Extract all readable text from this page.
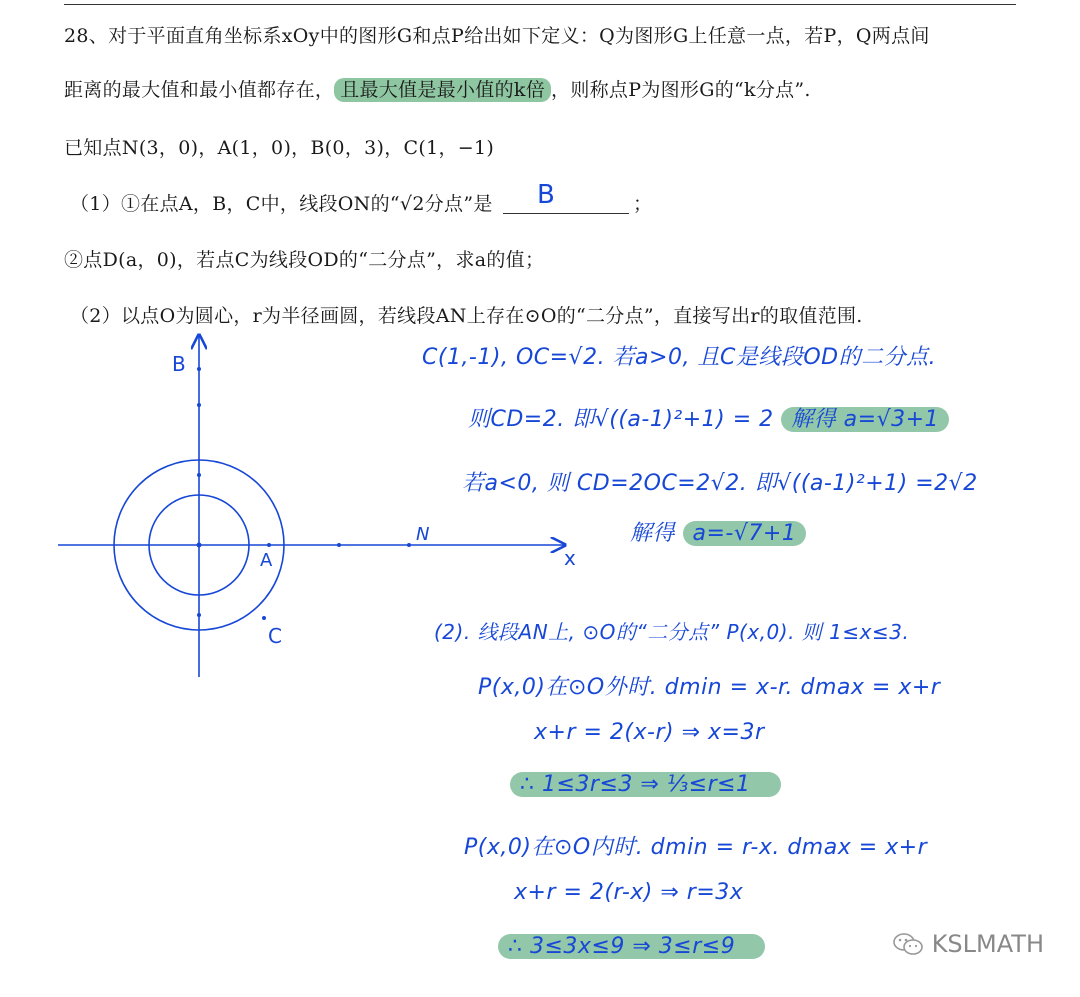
28、对于平面直角坐标系xOy中的图形G和点P给出如下定义：Q为图形G上任意一点，若P，Q两点间
距离的最大值和最小值都存在， 且最大值是最小值的k倍 ，则称点P为图形G的“k分点”.
已知点N(3，0)，A(1，0)，B(0，3)，C(1，−1)
（1）①在点A，B，C中，线段ON的“√2分点”是 B	；
②点D(a，0)，若点C为线段OD的“二分点”，求a的值；
（2）以点O为圆心，r为半径画圆，若线段AN上存在⊙O的“二分点”，直接写出r的取值范围.
B
A
N
C
x
C(1,-1), OC=√2. 若a>0, 且C是线段OD的二分点.
则CD=2. 即√((a-1)²+1) = 2 解得 a=√3+1
若a<0, 则 CD=2OC=2√2. 即√((a-1)²+1) =2√2
解得 a=-√7+1
(2). 线段AN上, ⊙O的“二分点” P(x,0). 则 1≤x≤3.
P(x,0)在⊙O外时. dmin = x-r. dmax = x+r
x+r = 2(x-r) ⇒ x=3r
∴ 1≤3r≤3 ⇒ ⅓≤r≤1
P(x,0)在⊙O内时. dmin = r-x. dmax = x+r
x+r = 2(r-x) ⇒ r=3x
∴ 3≤3x≤9 ⇒ 3≤r≤9	KSLMATH
